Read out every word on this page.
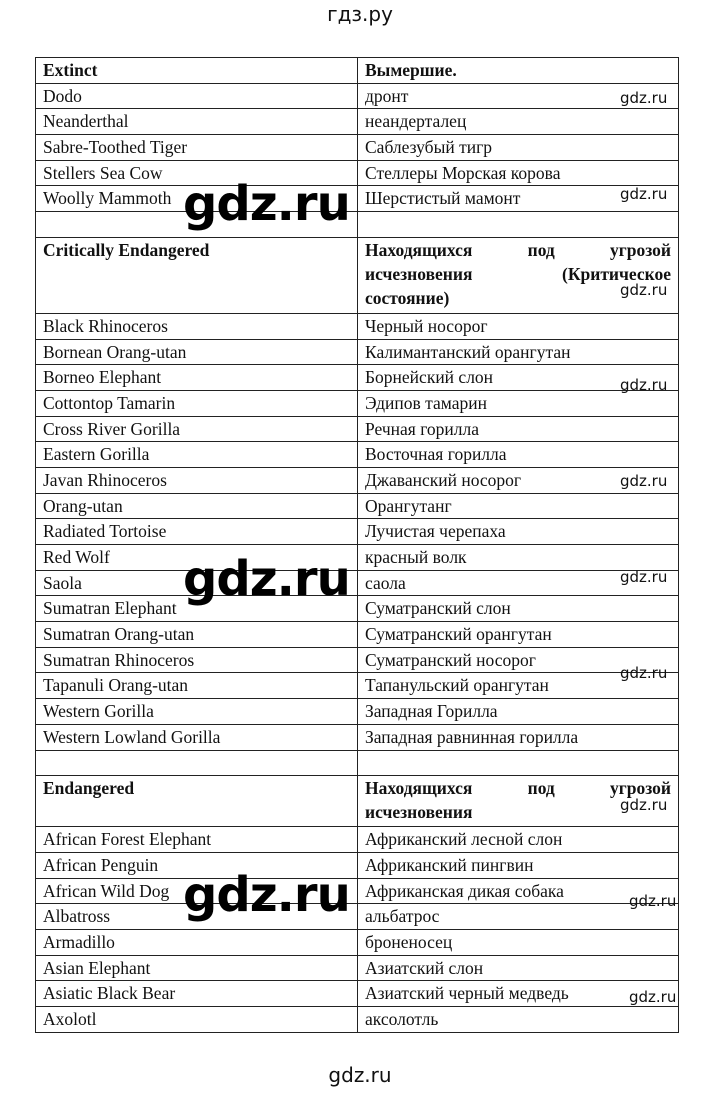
гдз.ру
Extinct	Вымершие.
Dodo	дронт
Neanderthal	неандерталец
Sabre-Toothed Tiger	Саблезубый тигр
Stellers Sea Cow	Стеллеры Морская корова
Woolly Mammoth	Шерстистый мамонт

Critically Endangered	Находящихся под угрозой исчезновения (Критическое состояние)
Black Rhinoceros	Черный носорог
Bornean Orang-utan	Калимантанский орангутан
Borneo Elephant	Борнейский слон
Cottontop Tamarin	Эдипов тамарин
Cross River Gorilla	Речная горилла
Eastern Gorilla	Восточная горилла
Javan Rhinoceros	Джаванский носорог
Orang-utan	Орангутанг
Radiated Tortoise	Лучистая черепаха
Red Wolf	красный волк
Saola	саола
Sumatran Elephant	Суматранский слон
Sumatran Orang-utan	Суматранский орангутан
Sumatran Rhinoceros	Суматранский носорог
Tapanuli Orang-utan	Тапанульский орангутан
Western Gorilla	Западная Горилла
Western Lowland Gorilla	Западная равнинная горилла

Endangered	Находящихся под угрозой исчезновения
African Forest Elephant	Африканский лесной слон
African Penguin	Африканский пингвин
African Wild Dog	Африканская дикая собака
Albatross	альбатрос
Armadillo	броненосец
Asian Elephant	Азиатский слон
Asiatic Black Bear	Азиатский черный медведь
Axolotl	аксолотль
gdz.ru
gdz.ru
gdz.ru
gdz.ru
gdz.ru
gdz.ru
gdz.ru
gdz.ru
gdz.ru
gdz.ru
gdz.ru
gdz.ru
gdz.ru
gdz.ru
